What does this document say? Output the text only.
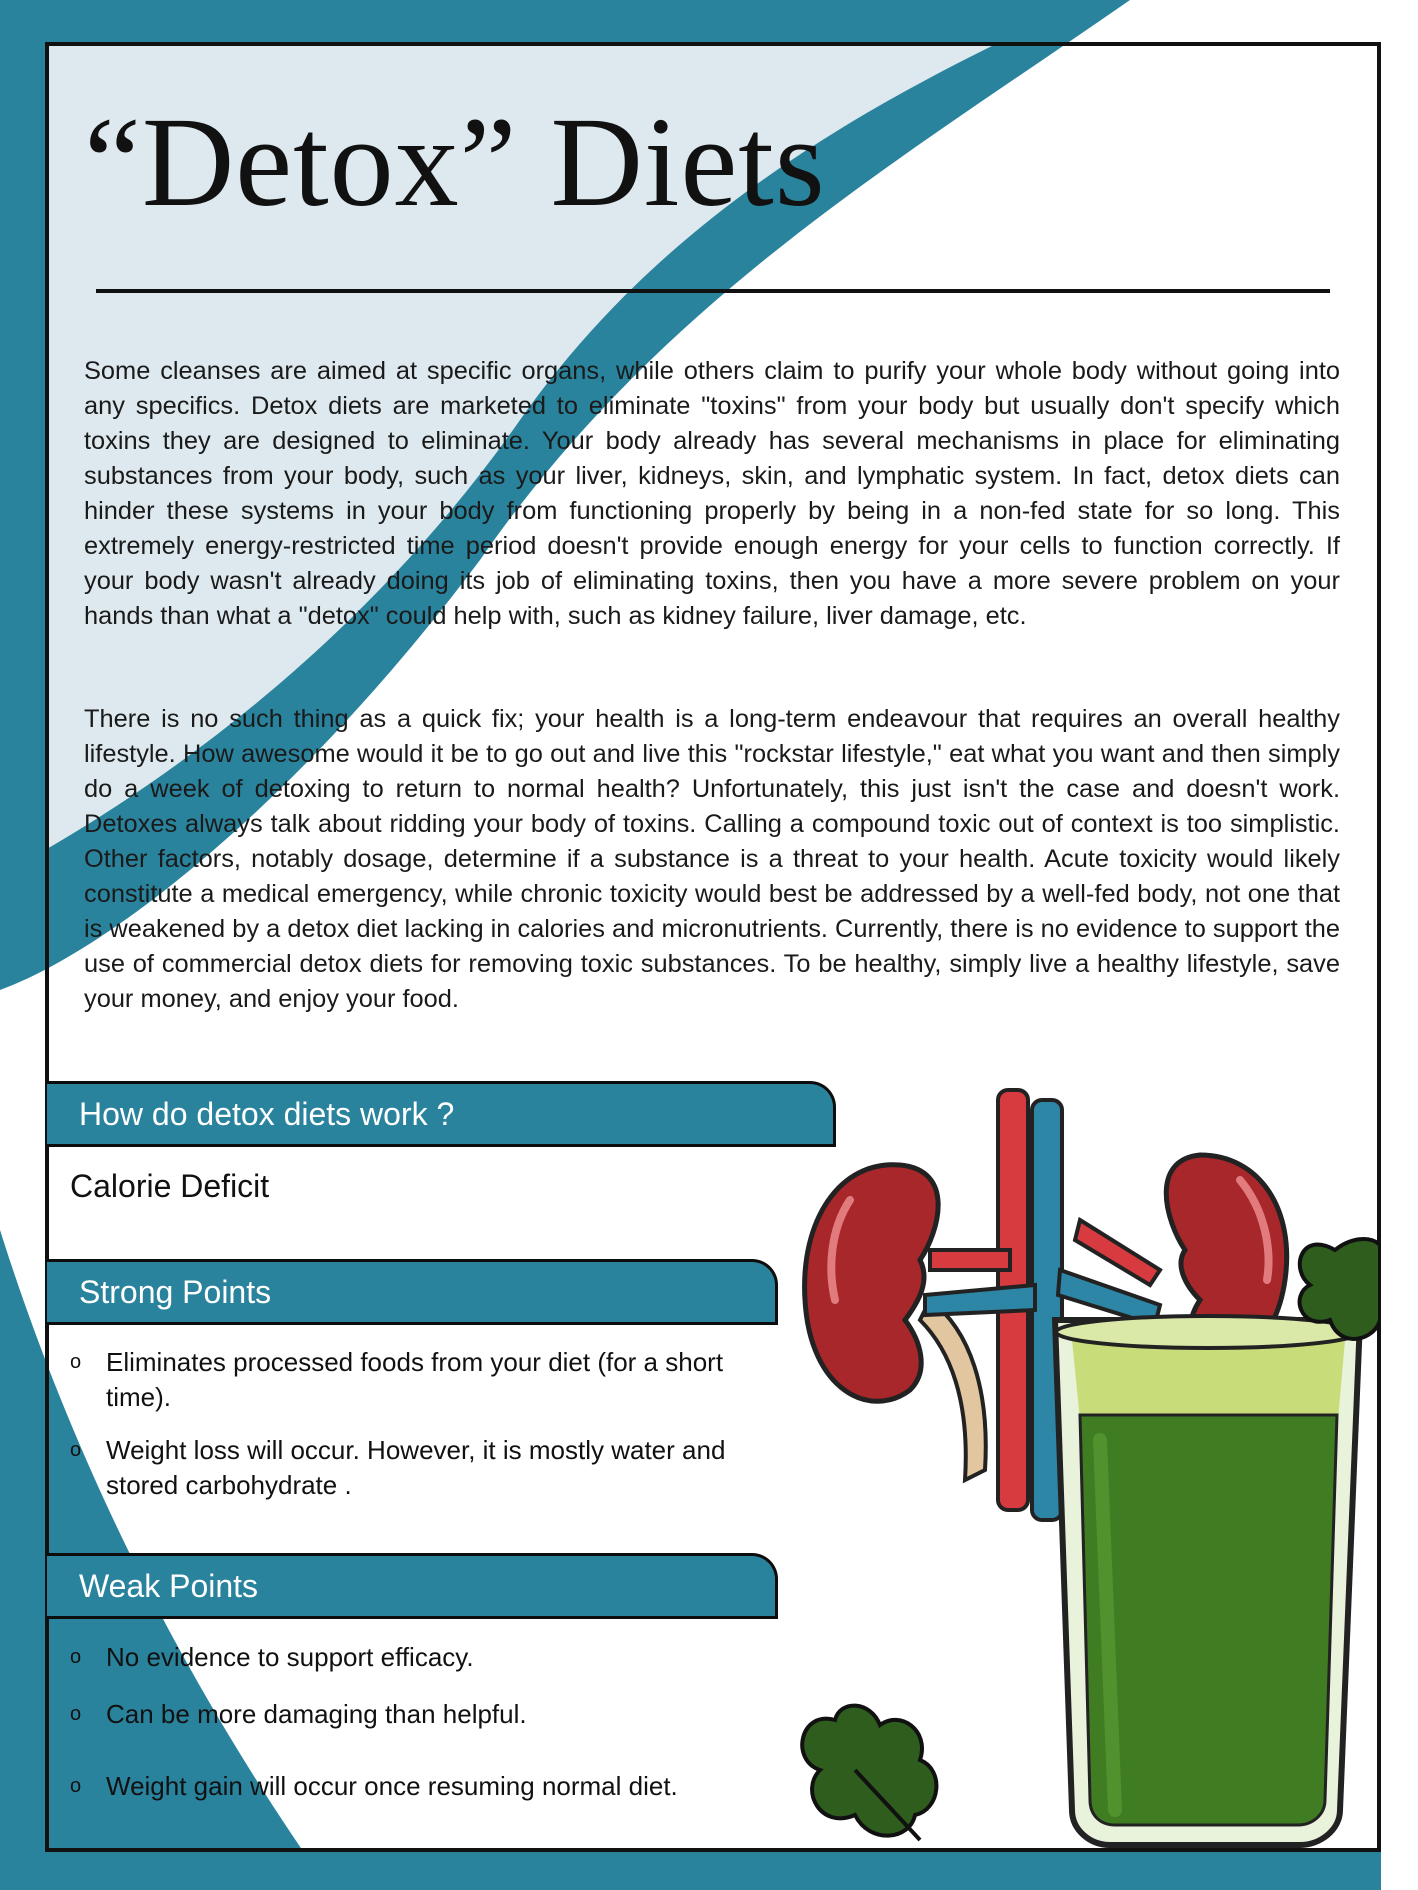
“Detox” Diets

Some cleanses are aimed at specific organs, while others claim to purify your whole body without going into any specifics. Detox diets are marketed to eliminate "toxins" from your body but usually don't specify which toxins they are designed to eliminate. Your body already has several mechanisms in place for eliminating substances from your body, such as your liver, kidneys, skin, and lymphatic system. In fact, detox diets can hinder these systems in your body from functioning properly by being in a non-fed state for so long. This extremely energy-restricted time period doesn't provide enough energy for your cells to function correctly. If your body wasn't already doing its job of eliminating toxins, then you have a more severe problem on your hands than what a "detox" could help with, such as kidney failure, liver damage, etc.

There is no such thing as a quick fix; your health is a long-term endeavour that requires an overall healthy lifestyle. How awesome would it be to go out and live this "rockstar lifestyle," eat what you want and then simply do a week of detoxing to return to normal health? Unfortunately, this just isn't the case and doesn't work. Detoxes always talk about ridding your body of toxins. Calling a compound toxic out of context is too simplistic. Other factors, notably dosage, determine if a substance is a threat to your health. Acute toxicity would likely constitute a medical emergency, while chronic toxicity would best be addressed by a well-fed body, not one that is weakened by a detox diet lacking in calories and micronutrients. Currently, there is no evidence to support the use of commercial detox diets for removing toxic substances. To be healthy, simply live a healthy lifestyle, save your money, and enjoy your food.

How do detox diets work ?
Calorie Deficit
Strong Points
o Eliminates processed foods from your diet (for a short time).
o Weight loss will occur. However, it is mostly water and stored carbohydrate .
Weak Points
o No evidence to support efficacy.
o Can be more damaging than helpful.
o Weight gain will occur once resuming normal diet.
